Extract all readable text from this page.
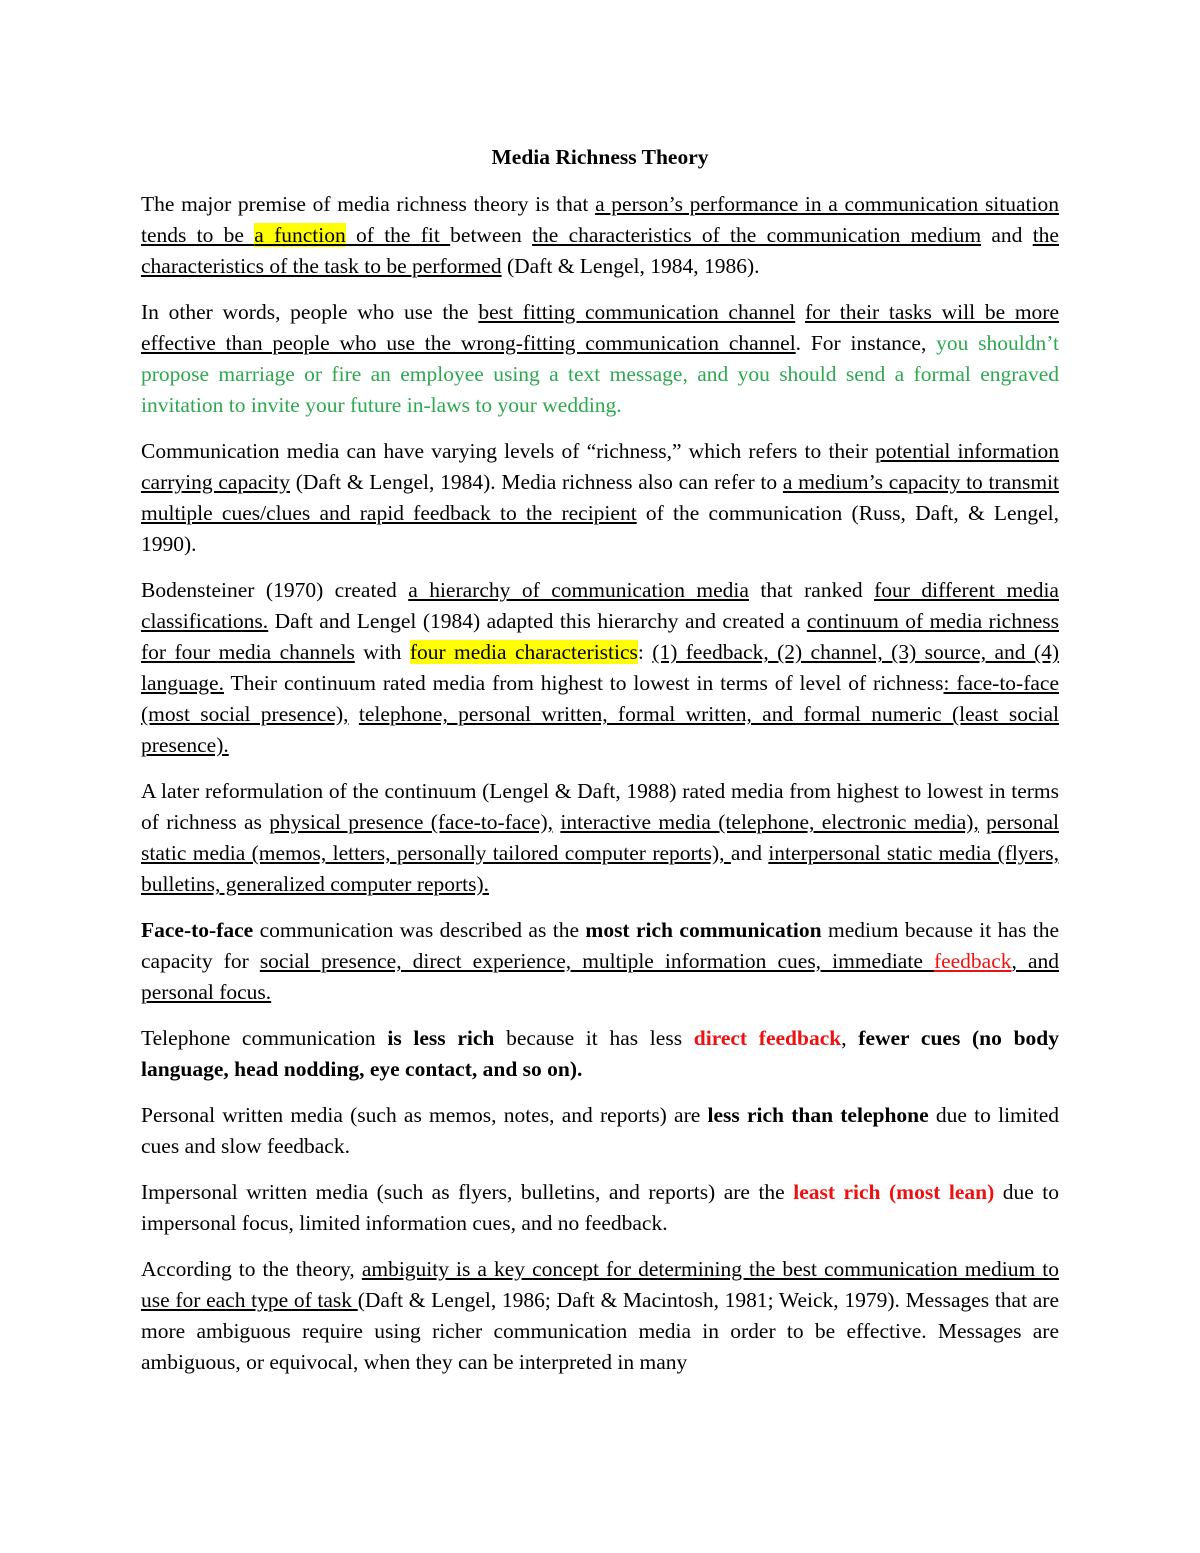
Media Richness Theory

The major premise of media richness theory is that a person’s performance in a communication situation tends to be a function of the fit between the characteristics of the communication medium and the characteristics of the task to be performed (Daft & Lengel, 1984, 1986).

In other words, people who use the best fitting communication channel for their tasks will be more effective than people who use the wrong-fitting communication channel. For instance, you shouldn’t propose marriage or fire an employee using a text message, and you should send a formal engraved invitation to invite your future in-laws to your wedding.

Communication media can have varying levels of “richness,” which refers to their potential information carrying capacity (Daft & Lengel, 1984). Media richness also can refer to a medium’s capacity to transmit multiple cues/clues and rapid feedback to the recipient of the communication (Russ, Daft, & Lengel, 1990).

Bodensteiner (1970) created a hierarchy of communication media that ranked four different media classifications. Daft and Lengel (1984) adapted this hierarchy and created a continuum of media richness for four media channels with four media characteristics: (1) feedback, (2) channel, (3) source, and (4) language. Their continuum rated media from highest to lowest in terms of level of richness: face-to-face (most social presence), telephone, personal written, formal written, and formal numeric (least social presence).

A later reformulation of the continuum (Lengel & Daft, 1988) rated media from highest to lowest in terms of richness as physical presence (face-to-face), interactive media (telephone, electronic media), personal static media (memos, letters, personally tailored computer reports), and interpersonal static media (flyers, bulletins, generalized computer reports).

Face-to-face communication was described as the most rich communication medium because it has the capacity for social presence, direct experience, multiple information cues, immediate feedback, and personal focus.

Telephone communication is less rich because it has less direct feedback, fewer cues (no body language, head nodding, eye contact, and so on).

Personal written media (such as memos, notes, and reports) are less rich than telephone due to limited cues and slow feedback.

Impersonal written media (such as flyers, bulletins, and reports) are the least rich (most lean) due to impersonal focus, limited information cues, and no feedback.

According to the theory, ambiguity is a key concept for determining the best communication medium to use for each type of task (Daft & Lengel, 1986; Daft & Macintosh, 1981; Weick, 1979). Messages that are more ambiguous require using richer communication media in order to be effective. Messages are ambiguous, or equivocal, when they can be interpreted in many
